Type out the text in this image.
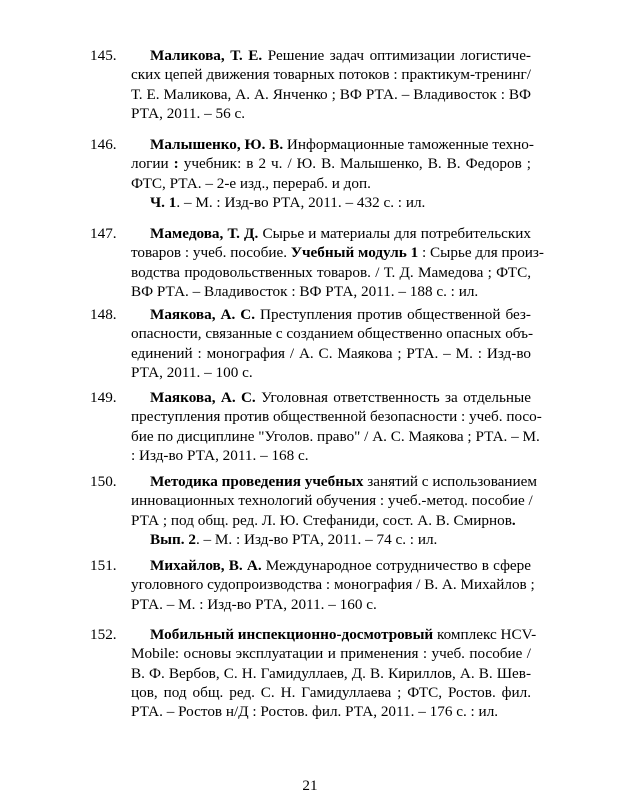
145.	Маликова, Т. Е. Решение задач оптимизации логистиче-
ских цепей движения товарных потоков : практикум-тренинг/
Т. Е. Маликова, А. А. Янченко ; ВФ РТА. – Владивосток : ВФ
РТА, 2011. – 56 с.
146.	Малышенко, Ю. В. Информационные таможенные техно-
логии : учебник: в 2 ч. / Ю. В. Малышенко, В. В. Федоров ;
ФТС, РТА. – 2-е изд., перераб. и доп.
Ч. 1. – М. : Изд-во РТА, 2011. – 432 с. : ил.
147.	Мамедова, Т. Д. Сырье и материалы для потребительских
товаров : учеб. пособие. Учебный модуль 1 : Сырье для произ-
водства продовольственных товаров. / Т. Д. Мамедова ; ФТС,
ВФ РТА. – Владивосток : ВФ РТА, 2011. – 188 с. : ил.
148.	Маякова, А. С. Преступления против общественной без-
опасности, связанные с созданием общественно опасных объ-
единений : монография / А. С. Маякова ; РТА. – М. : Изд-во
РТА, 2011. – 100 с.
149.	Маякова, А. С. Уголовная ответственность за отдельные
преступления против общественной безопасности : учеб. посо-
бие по дисциплине "Уголов. право" / А. С. Маякова ; РТА. – М.
: Изд-во РТА, 2011. – 168 с.
150.	Методика проведения учебных занятий с использованием
инновационных технологий обучения : учеб.-метод. пособие /
РТА ; под общ. ред. Л. Ю. Стефаниди, сост. А. В. Смирнов.
Вып. 2. – М. : Изд-во РТА, 2011. – 74 с. : ил.
151.	Михайлов, В. А. Международное сотрудничество в сфере
уголовного судопроизводства : монография / В. А. Михайлов ;
РТА. – М. : Изд-во РТА, 2011. – 160 с.
152.	Мобильный инспекционно-досмотровый комплекс HCV-
Mobile: основы эксплуатации и применения : учеб. пособие /
В. Ф. Вербов, С. Н. Гамидуллаев, Д. В. Кириллов, А. В. Шев-
цов, под общ. ред. С. Н. Гамидуллаева ; ФТС, Ростов. фил.
РТА. – Ростов н/Д : Ростов. фил. РТА, 2011. – 176 с. : ил.
21
